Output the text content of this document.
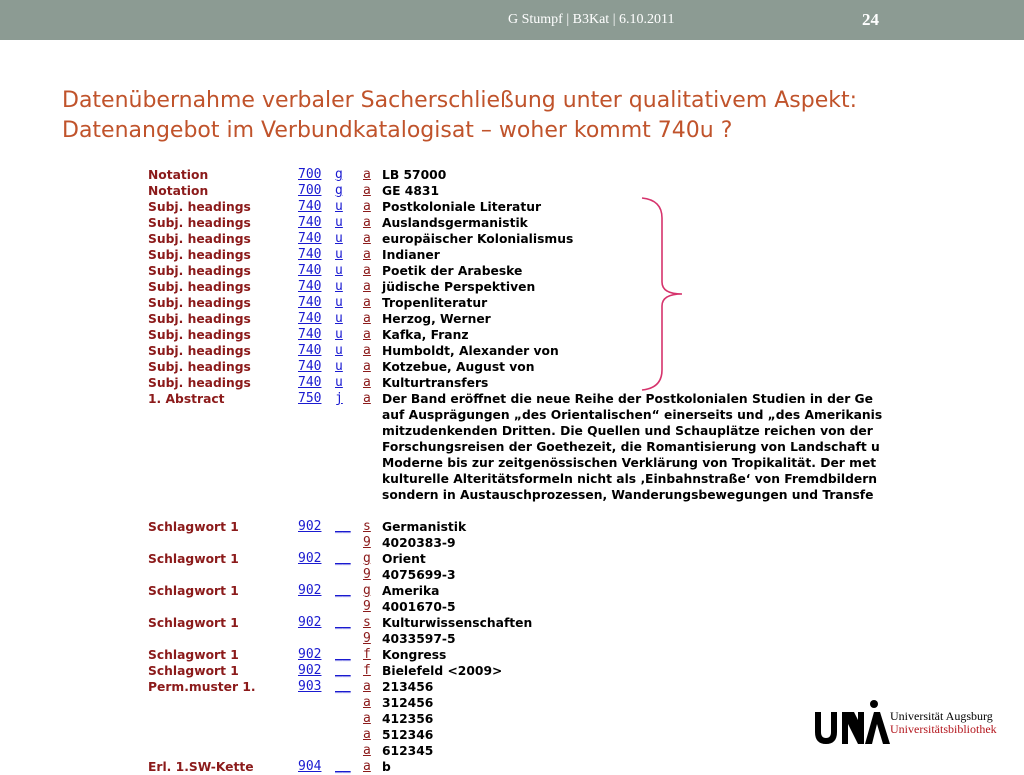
G Stumpf | B3Kat | 6.10.2011	24
Datenübernahme verbaler Sacherschließung unter qualitativem Aspekt:
Datenangebot im Verbundkatalogisat – woher kommt 740u ?
Notation	700	g	a LB 57000
Notation	700	g	a GE 4831
Subj. headings	740	u	a Postkoloniale Literatur
Subj. headings	740	u	a Auslandsgermanistik
Subj. headings	740	u	a europäischer Kolonialismus
Subj. headings	740	u	a Indianer
Subj. headings	740	u	a Poetik der Arabeske
Subj. headings	740	u	a jüdische Perspektiven
Subj. headings	740	u	a Tropenliteratur
Subj. headings	740	u	a Herzog, Werner
Subj. headings	740	u	a Kafka, Franz
Subj. headings	740	u	a Humboldt, Alexander von
Subj. headings	740	u	a Kotzebue, August von
Subj. headings	740	u	a Kulturtransfers
1. Abstract	750	j	a Der Band eröffnet die neue Reihe der Postkolonialen Studien in der Ge
auf Ausprägungen „des Orientalischen“ einerseits und „des Amerikanis
mitzudenkenden Dritten. Die Quellen und Schauplätze reichen von der
Forschungsreisen der Goethezeit, die Romantisierung von Landschaft u
Moderne bis zur zeitgenössischen Verklärung von Tropikalität. Der met
kulturelle Alteritätsformeln nicht als ‚Einbahnstraße‘ von Fremdbildern
sondern in Austauschprozessen, Wanderungsbewegungen und Transfe
Schlagwort 1	902	__ s Germanistik
9 4020383-9
Schlagwort 1	902	__ g Orient
9 4075699-3
Schlagwort 1	902	__ g Amerika
9 4001670-5
Schlagwort 1	902	__ s Kulturwissenschaften
9 4033597-5
Schlagwort 1	902	__ f Kongress
Schlagwort 1	902	__ f Bielefeld <2009>
Perm.muster 1.	903	__ a 213456
a 312456
a 412356
a 512346
a 612345
Erl. 1.SW-Kette	904	__ a b
Universität Augsburg
Universitätsbibliothek
